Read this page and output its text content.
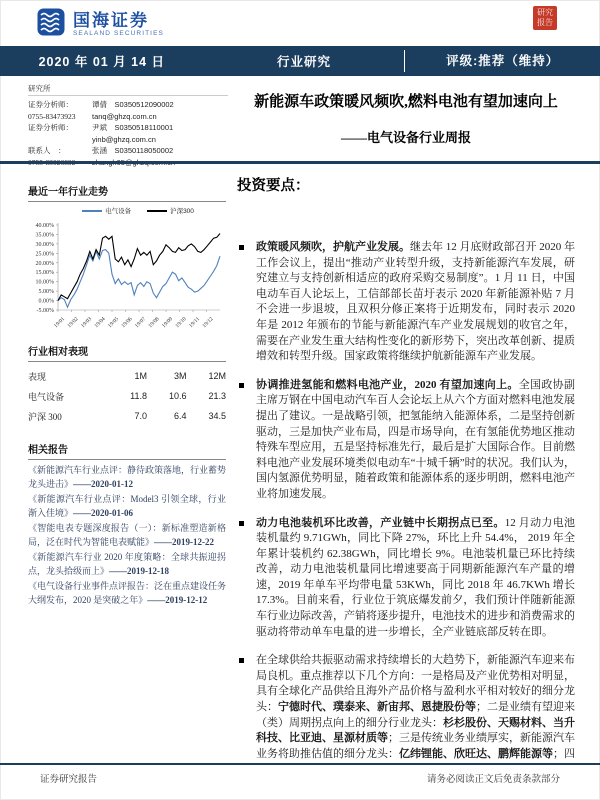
国海证券
SEALAND SECURITIES
研究
报告
2020 年 01 月 14 日	行业研究	评级:推荐（维持）
研究所
证券分析师：	谭倩　S0350512090002
0755-83473923	tanq@ghzq.com.cn
证券分析师：	尹斌　S0350518110001
yinb@ghzq.com.cn
联系人　：	张涵　S0350118050002
新能源车政策暖风频吹,燃料电池有望加速向上
——电气设备行业周报
最近一年行业走势
电气设备	沪深300
40.00%
35.00%
30.00%
25.00%
20.00%
15.00%
10.00%
5.00%
0.00%
-5.00%
19/01 19/02 19/03 19/04 19/05 19/06 19/07 19/08 19/09 19/10 19/11 19/12
行业相对表现
表现	1M	3M	12M
电气设备	11.8	10.6	21.3
沪深 300	7.0	6.4	34.5
相关报告

《新能源汽车行业点评：静待政策落地，行业蓄势龙头进击》——2020-01-12

《新能源汽车行业点评：Model3 引领全球，行业渐入佳境》——2020-01-06

《智能电表专题深度报告（一）：新标准塑造新格局，泛在时代为智能电表赋能》——2019-12-22

《新能源汽车行业 2020 年度策略：全球共振迎拐点，龙头拾级而上》——2019-12-18

《电气设备行业事件点评报告：泛在重点建设任务大纲发布，2020 是突破之年》——2019-12-12

投资要点：
政策暖风频吹，护航产业发展。继去年 12 月底财政部召开 2020 年工作会议上，提出“推动产业转型升级，支持新能源汽车发展，研究建立与支持创新相适应的政府采购交易制度”。1 月 11 日，中国电动车百人论坛上，工信部部长苗圩表示 2020 年新能源补贴 7 月不会进一步退坡，且双积分修正案将于近期发布，同时表示 2020 年是 2012 年颁布的节能与新能源汽车产业发展规划的收官之年，需要在产业发生重大结构性变化的新形势下，突出改革创新、提质增效和转型升级。国家政策将继续护航新能源车产业发展。
协调推进氢能和燃料电池产业，2020 有望加速向上。全国政协副主席万钢在中国电动汽车百人会论坛上从六个方面对燃料电池发展提出了建议。一是战略引领，把氢能纳入能源体系，二是坚持创新驱动，三是加快产业布局，四是市场导向，在有氢能优势地区推动特殊车型应用，五是坚持标准先行，最后是扩大国际合作。目前燃料电池产业发展环境类似电动车“十城千辆”时的状况。我们认为，国内氢源优势明显，随着政策和能源体系的逐步明朗，燃料电池产业将加速发展。
动力电池装机环比改善，产业链中长期拐点已至。12 月动力电池装机量约 9.71GWh，同比下降 27%，环比上升 54.4%， 2019 年全年累计装机约 62.38GWh，同比增长 9%。电池装机量已环比持续改善，动力电池装机量同比增速要高于同期新能源汽车产量的增速，2019 年单车平均带电量 53KWh，同比 2018 年 46.7KWh 增长 17.3%。目前来看，行业位于筑底爆发前夕，我们预计伴随新能源车行业边际改善，产销将逐步提升，电池技术的进步和消费需求的驱动将带动单车电量的进一步增长，全产业链底部反转在即。
在全球供给共振驱动需求持续增长的大趋势下，新能源汽车迎来布局良机。重点推荐以下几个方向：一是格局及产业优势相对明显，具有全球化产品供给且海外产品价格与盈利水平相对较好的细分龙头：宁德时代、璞泰来、新宙邦、恩捷股份等；二是业绩有望迎来（类）周期拐点向上的细分行业龙头：杉杉股份、天赐材料、当升科技、比亚迪、星源材质等；三是传统业务业绩厚实，新能源汽车业务将助推估值的细分龙头：亿纬锂能、欣旺达、鹏辉能源等；四
证券研究报告	请务必阅读正文后免责条款部分
